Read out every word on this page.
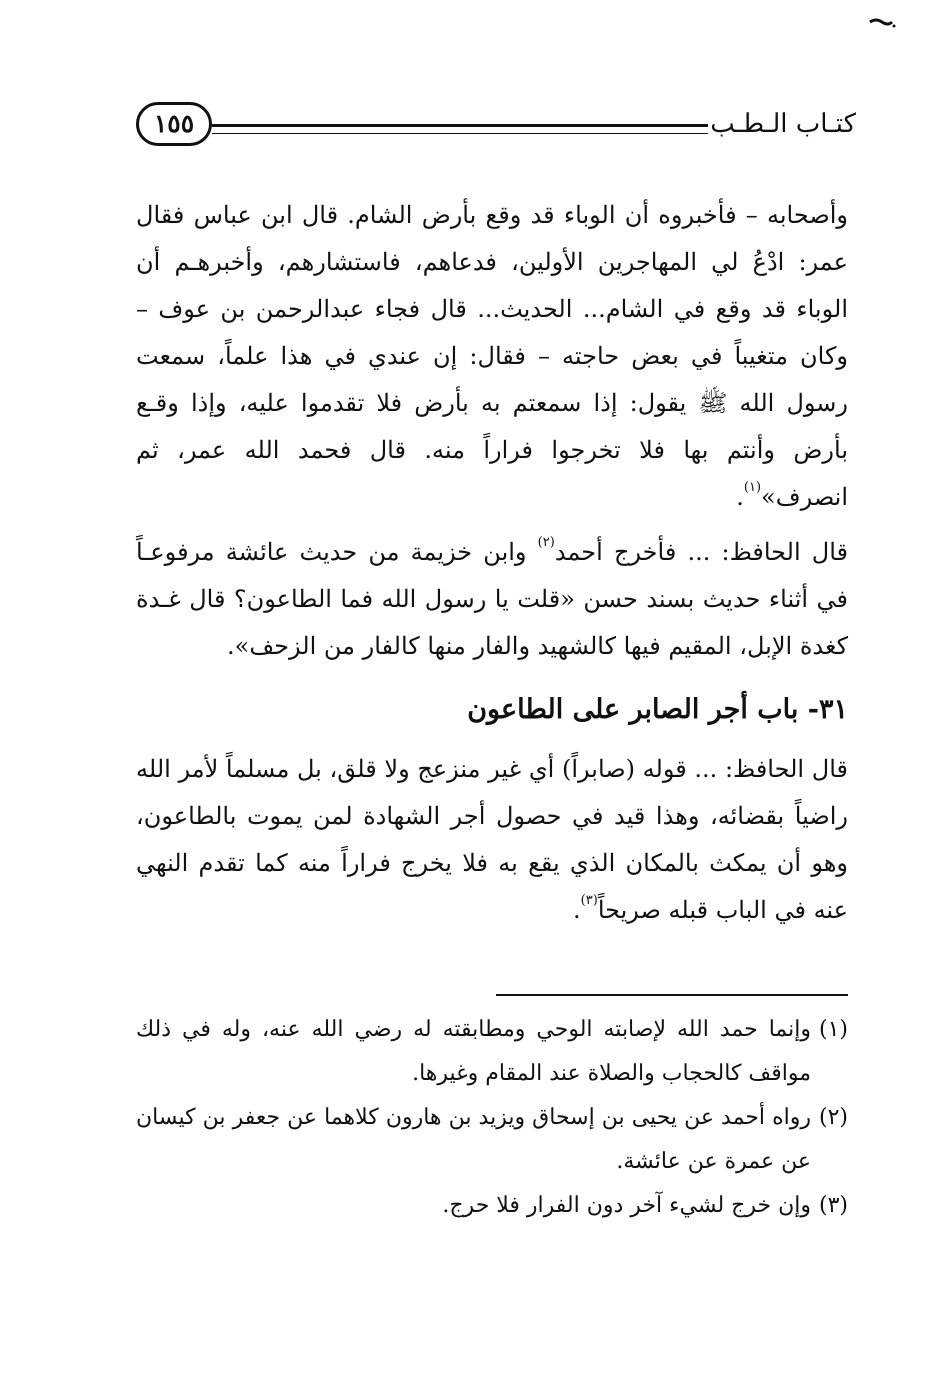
كتـاب الـطـب
١٥٥

وأصحابه – فأخبروه أن الوباء قد وقع بأرض الشام. قال ابن عباس فقال عمر: ادْعُ لي المهاجرين الأولين، فدعاهم، فاستشارهم، وأخبرهـم أن الوباء قد وقع في الشام... الحديث... قال فجاء عبدالرحمن بن عوف – وكان متغيباً في بعض حاجته – فقال: إن عندي في هذا علماً، سمعت رسول الله ﷺ يقول: إذا سمعتم به بأرض فلا تقدموا عليه، وإذا وقـع بأرض وأنتم بها فلا تخرجوا فراراً منه. قال فحمد الله عمر، ثم انصرف»$^{(١)}$.

قال الحافظ: ... فأخرج أحمد$^{(٢)}$ وابن خزيمة من حديث عائشة مرفوعـاً في أثناء حديث بسند حسن «قلت يا رسول الله فما الطاعون؟ قال غـدة كغدة الإبل، المقيم فيها كالشهيد والفار منها كالفار من الزحف».

٣١- باب أجر الصابر على الطاعون

قال الحافظ: ... قوله (صابراً) أي غير منزعج ولا قلق، بل مسلماً لأمر الله راضياً بقضائه، وهذا قيد في حصول أجر الشهادة لمن يموت بالطاعون، وهو أن يمكث بالمكان الذي يقع به فلا يخرج فراراً منه كما تقدم النهي عنه في الباب قبله صريحاً$^{(٣)}$.

(١)
وإنما حمد الله لإصابته الوحي ومطابقته له رضي الله عنه، وله في ذلك مواقف كالحجاب والصلاة عند المقام وغيرها.
(٢)
رواه أحمد عن يحيى بن إسحاق ويزيد بن هارون كلاهما عن جعفر بن كيسان عن عمرة عن عائشة.
(٣)
وإن خرج لشيء آخر دون الفرار فلا حرج.
